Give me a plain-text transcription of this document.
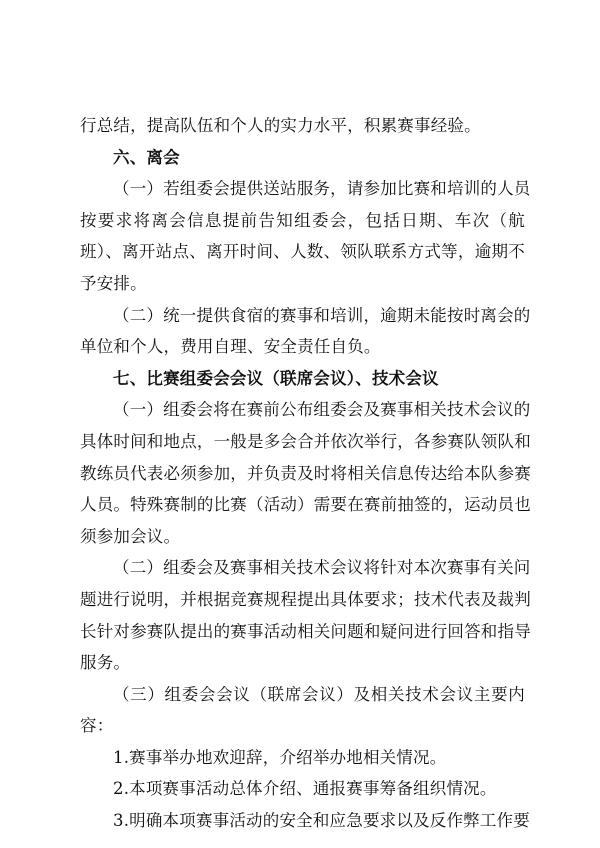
行总结，提高队伍和个人的实力水平，积累赛事经验。
六、离会
（一）若组委会提供送站服务，请参加比赛和培训的人员
按要求将离会信息提前告知组委会，包括日期、车次（航
班）、离开站点、离开时间、人数、领队联系方式等，逾期不
予安排。
（二）统一提供食宿的赛事和培训，逾期未能按时离会的
单位和个人，费用自理、安全责任自负。
七、比赛组委会会议（联席会议）、技术会议
（一）组委会将在赛前公布组委会及赛事相关技术会议的
具体时间和地点，一般是多会合并依次举行，各参赛队领队和
教练员代表必须参加，并负责及时将相关信息传达给本队参赛
人员。特殊赛制的比赛（活动）需要在赛前抽签的，运动员也
须参加会议。
（二）组委会及赛事相关技术会议将针对本次赛事有关问
题进行说明，并根据竞赛规程提出具体要求；技术代表及裁判
长针对参赛队提出的赛事活动相关问题和疑问进行回答和指导
服务。
（三）组委会会议（联席会议）及相关技术会议主要内
容：
1.赛事举办地欢迎辞，介绍举办地相关情况。
2.本项赛事活动总体介绍、通报赛事筹备组织情况。
3.明确本项赛事活动的安全和应急要求以及反作弊工作要
